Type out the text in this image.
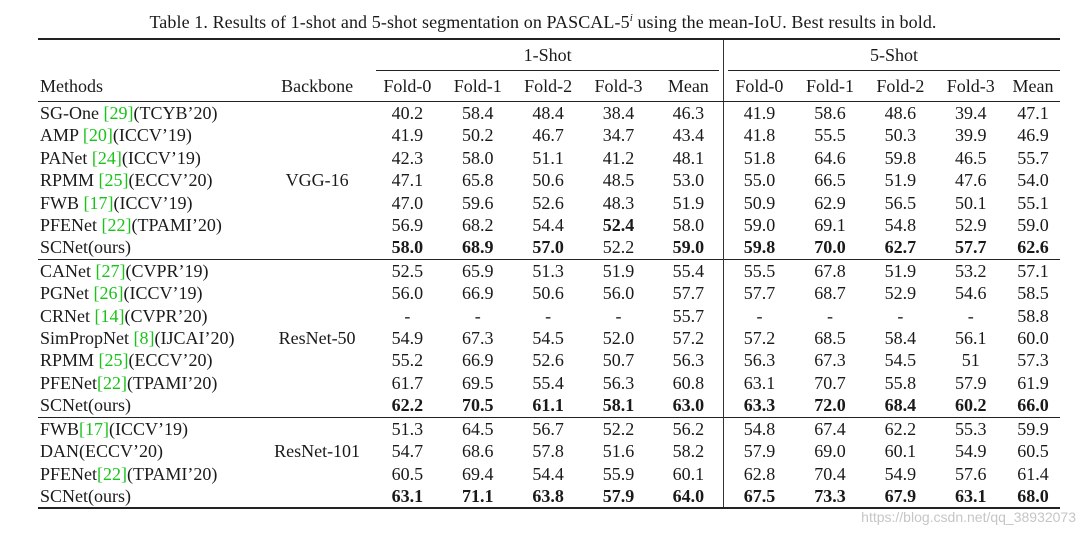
Table 1. Results of 1-shot and 5-shot segmentation on PASCAL-5$^i$ using the mean-IoU. Best results in bold.

		1-Shot					5-Shot				

Methods	Backbone	Fold-0	Fold-1	Fold-2	Fold-3	Mean	Fold-0	Fold-1	Fold-2	Fold-3	Mean
SG-One [29](TCYB’20)		40.2	58.4	48.4	38.4	46.3	41.9	58.6	48.6	39.4	47.1
AMP [20](ICCV’19)		41.9	50.2	46.7	34.7	43.4	41.8	55.5	50.3	39.9	46.9
PANet [24](ICCV’19)		42.3	58.0	51.1	41.2	48.1	51.8	64.6	59.8	46.5	55.7
RPMM [25](ECCV’20)	VGG-16	47.1	65.8	50.6	48.5	53.0	55.0	66.5	51.9	47.6	54.0
FWB [17](ICCV’19)		47.0	59.6	52.6	48.3	51.9	50.9	62.9	56.5	50.1	55.1
PFENet [22](TPAMI’20)		56.9	68.2	54.4	52.4	58.0	59.0	69.1	54.8	52.9	59.0
SCNet(ours)		58.0	68.9	57.0	52.2	59.0	59.8	70.0	62.7	57.7	62.6
CANet [27](CVPR’19)		52.5	65.9	51.3	51.9	55.4	55.5	67.8	51.9	53.2	57.1
PGNet [26](ICCV’19)		56.0	66.9	50.6	56.0	57.7	57.7	68.7	52.9	54.6	58.5
CRNet [14](CVPR’20)		-	-	-	-	55.7	-	-	-	-	58.8
SimPropNet [8](IJCAI’20)	ResNet-50	54.9	67.3	54.5	52.0	57.2	57.2	68.5	58.4	56.1	60.0
RPMM [25](ECCV’20)		55.2	66.9	52.6	50.7	56.3	56.3	67.3	54.5	51	57.3
PFENet[22](TPAMI’20)		61.7	69.5	55.4	56.3	60.8	63.1	70.7	55.8	57.9	61.9
SCNet(ours)		62.2	70.5	61.1	58.1	63.0	63.3	72.0	68.4	60.2	66.0
FWB[17](ICCV’19)		51.3	64.5	56.7	52.2	56.2	54.8	67.4	62.2	55.3	59.9
DAN(ECCV’20)	ResNet-101	54.7	68.6	57.8	51.6	58.2	57.9	69.0	60.1	54.9	60.5
PFENet[22](TPAMI’20)		60.5	69.4	54.4	55.9	60.1	62.8	70.4	54.9	57.6	61.4
SCNet(ours)		63.1	71.1	63.8	57.9	64.0	67.5	73.3	67.9	63.1	68.0
https://blog.csdn.net/qq_38932073
